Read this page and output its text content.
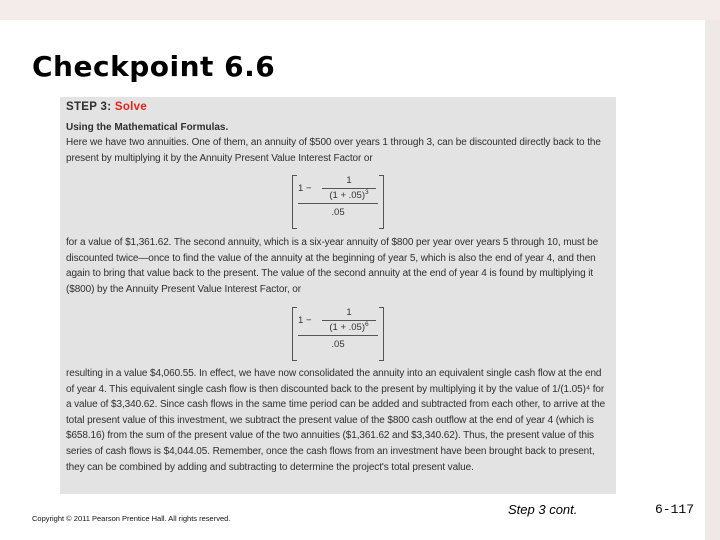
Checkpoint 6.6
STEP 3: Solve
Using the Mathematical Formulas.

Here we have two annuities. One of them, an annuity of $500 over years 1 through 3, can be discounted directly back to the present by multiplying it by the Annuity Present Value Interest Factor or

1 −
1
$(1 + .05)^3$
.05

for a value of $1,361.62. The second annuity, which is a six-year annuity of $800 per year over years 5 through 10, must be discounted twice—once to find the value of the annuity at the beginning of year 5, which is also the end of year 4, and then again to bring that value back to the present. The value of the second annuity at the end of year 4 is found by multiplying it ($800) by the Annuity Present Value Interest Factor, or

1 −
1
$(1 + .05)^6$
.05

resulting in a value $4,060.55. In effect, we have now consolidated the annuity into an equivalent single cash flow at the end of year 4. This equivalent single cash flow is then discounted back to the present by multiplying it by the value of 1/(1.05)⁴ for a value of $3,340.62. Since cash flows in the same time period can be added and subtracted from each other, to arrive at the total present value of this investment, we subtract the present value of the $800 cash outflow at the end of year 4 (which is $658.16) from the sum of the present value of the two annuities ($1,361.62 and $3,340.62). Thus, the present value of this series of cash flows is $4,044.05. Remember, once the cash flows from an investment have been brought back to present, they can be combined by adding and subtracting to determine the project's total present value.

Copyright © 2011 Pearson Prentice Hall. All rights reserved.
Step 3 cont.	6-117
